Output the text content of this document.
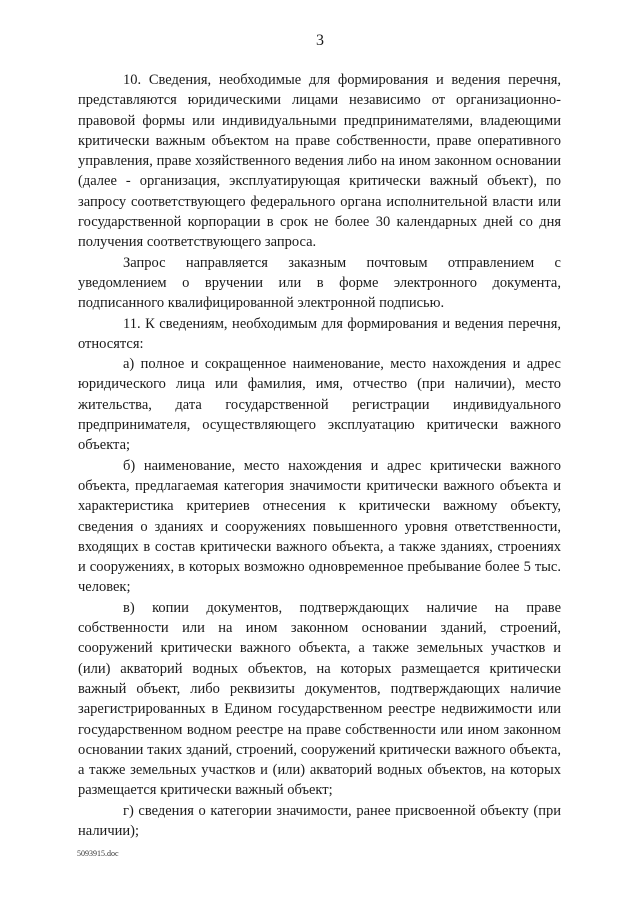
3

10. Сведения, необходимые для формирования и ведения перечня, представляются юридическими лицами независимо от организационно-правовой формы или индивидуальными предпринимателями, владеющими критически важным объектом на праве собственности, праве оперативного управления, праве хозяйственного ведения либо на ином законном основании (далее - организация, эксплуатирующая критически важный объект), по запросу соответствующего федерального органа исполнительной власти или государственной корпорации в срок не более 30 календарных дней со дня получения соответствующего запроса.

Запрос направляется заказным почтовым отправлением с уведомлением о вручении или в форме электронного документа, подписанного квалифицированной электронной подписью.

11. К сведениям, необходимым для формирования и ведения перечня, относятся:

а) полное и сокращенное наименование, место нахождения и адрес юридического лица или фамилия, имя, отчество (при наличии), место жительства, дата государственной регистрации индивидуального предпринимателя, осуществляющего эксплуатацию критически важного объекта;

б) наименование, место нахождения и адрес критически важного объекта, предлагаемая категория значимости критически важного объекта и характеристика критериев отнесения к критически важному объекту, сведения о зданиях и сооружениях повышенного уровня ответственности, входящих в состав критически важного объекта, а также зданиях, строениях и сооружениях, в которых возможно одновременное пребывание более 5 тыс. человек;

в) копии документов, подтверждающих наличие на праве собственности или на ином законном основании зданий, строений, сооружений критически важного объекта, а также земельных участков и (или) акваторий водных объектов, на которых размещается критически важный объект, либо реквизиты документов, подтверждающих наличие зарегистрированных в Едином государственном реестре недвижимости или государственном водном реестре на праве собственности или ином законном основании таких зданий, строений, сооружений критически важного объекта, а также земельных участков и (или) акваторий водных объектов, на которых размещается критически важный объект;

г) сведения о категории значимости, ранее присвоенной объекту (при наличии);

5093915.doc
